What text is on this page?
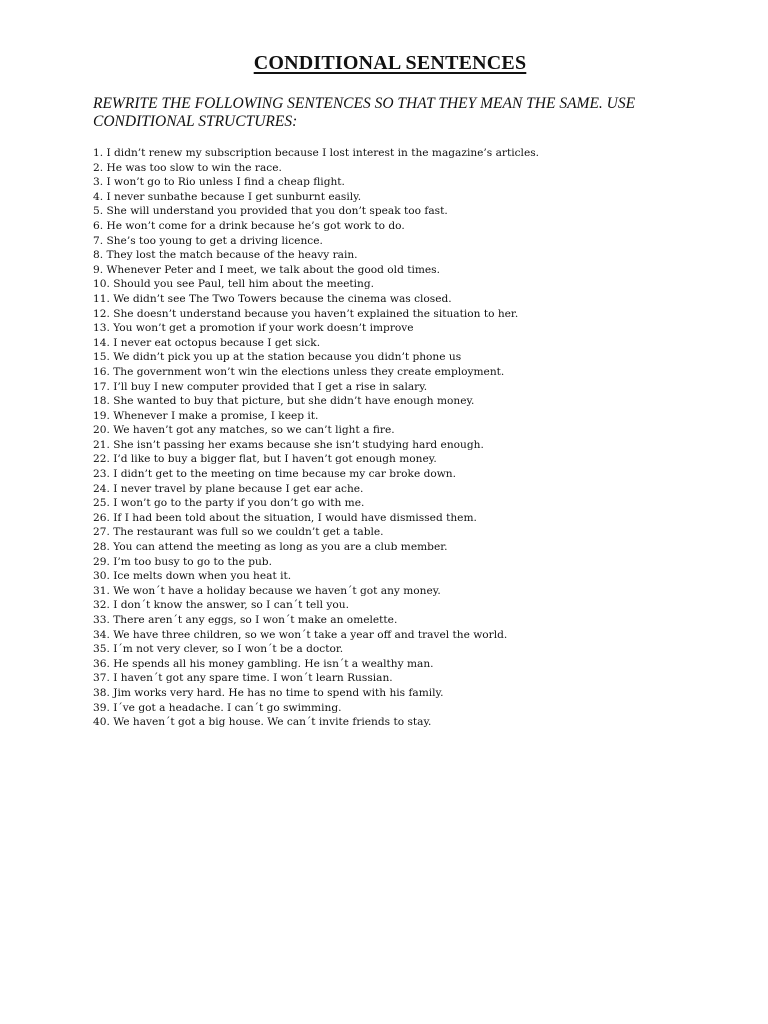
CONDITIONAL SENTENCES

REWRITE THE FOLLOWING SENTENCES SO THAT THEY MEAN THE SAME. USE CONDITIONAL STRUCTURES:

1. I didn’t renew my subscription because I lost interest in the magazine’s articles.
2. He was too slow to win the race.
3. I won’t go to Rio unless I find a cheap flight.
4. I never sunbathe because I get sunburnt easily.
5. She will understand you provided that you don’t speak too fast.
6. He won’t come for a drink because he’s got work to do.
7. She’s too young to get a driving licence.
8. They lost the match because of the heavy rain.
9. Whenever Peter and I meet, we talk about the good old times.
10. Should you see Paul, tell him about the meeting.
11. We didn’t see The Two Towers because the cinema was closed.
12. She doesn’t understand because you haven’t explained the situation to her.
13. You won’t get a promotion if your work doesn’t improve
14. I never eat octopus because I get sick.
15. We didn’t pick you up at the station because you didn’t phone us
16. The government won’t win the elections unless they create employment.
17. I’ll buy I new computer provided that I get a rise in salary.
18. She wanted to buy that picture, but she didn’t have enough money.
19. Whenever I make a promise, I keep it.
20. We haven’t got any matches, so we can’t light a fire.
21. She isn’t passing her exams because she isn’t studying hard enough.
22. I’d like to buy a bigger flat, but I haven’t got enough money.
23. I didn’t get to the meeting on time because my car broke down.
24. I never travel by plane because I get ear ache.
25. I won’t go to the party if you don’t go with me.
26. If I had been told about the situation, I would have dismissed them.
27. The restaurant was full so we couldn’t get a table.
28. You can attend the meeting as long as you are a club member.
29. I’m too busy to go to the pub.
30. Ice melts down when you heat it.
31. We won´t have a holiday because we haven´t got any money.
32. I don´t know the answer, so I can´t tell you.
33. There aren´t any eggs, so I won´t make an omelette.
34. We have three children, so we won´t take a year off and travel the world.
35. I´m not very clever, so I won´t be a doctor.
36. He spends all his money gambling. He isn´t a wealthy man.
37. I haven´t got any spare time. I won´t learn Russian.
38. Jim works very hard. He has no time to spend with his family.
39. I´ve got a headache. I can´t go swimming.
40. We haven´t got a big house. We can´t invite friends to stay.
